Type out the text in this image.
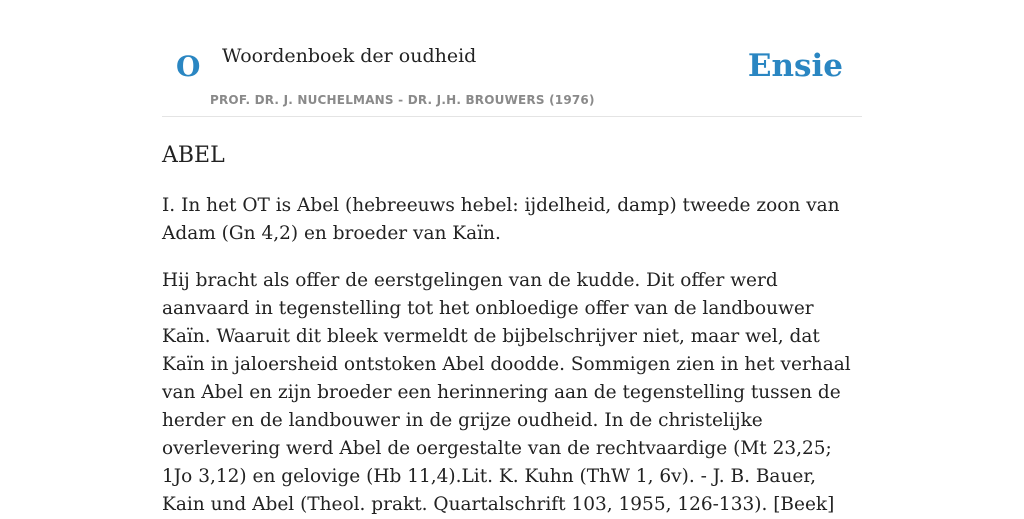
O Woordenboek der oudheid	Ensie
PROF. DR. J. NUCHELMANS - DR. J.H. BROUWERS (1976)
ABEL

I. In het OT is Abel (hebreeuws hebel: ijdelheid, damp) tweede zoon van Adam (Gn 4,2) en broeder van Kaïn.

Hij bracht als offer de eerstgelingen van de kudde. Dit offer werd aanvaard in tegenstelling tot het onbloedige offer van de landbouwer Kaïn. Waaruit dit bleek vermeldt de bijbelschrijver niet, maar wel, dat Kaïn in jaloersheid ontstoken Abel doodde. Sommigen zien in het verhaal van Abel en zijn broeder een herinnering aan de tegenstelling tussen de herder en de landbouwer in de grijze oudheid. In de christelijke overlevering werd Abel de oergestalte van de rechtvaardige (Mt 23,25; 1Jo 3,12) en gelovige (Hb 11,4).Lit. K. Kuhn (ThW 1, 6v). - J. B. Bauer, Kain und Abel (Theol. prakt. Quartalschrift 103, 1955, 126-133). [Beek]
